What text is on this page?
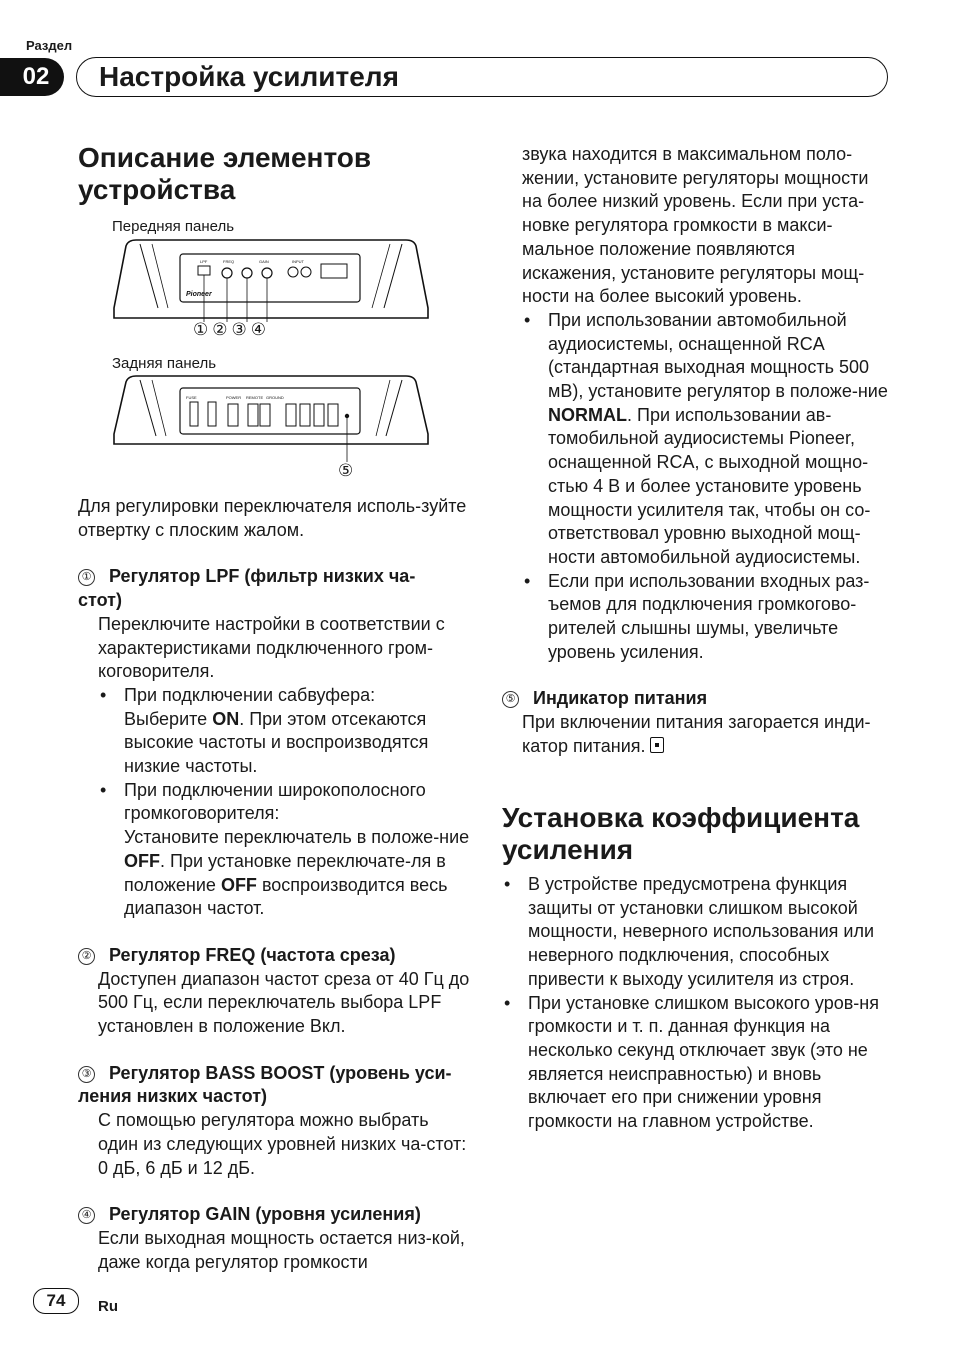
Раздел
02	Настройка усилителя
Описание элементов
устройства
Передняя панель
Pioneer
LPF	FREQ	GAIN	INPUT
①②③④
Задняя панель
FUSE	POWER REMOTE GROUND
⑤

Для регулировки переключателя исполь-зуйте отвертку с плоским жалом.

① Регулятор LPF (фильтр низких ча-
стот)

Переключите настройки в соответствии с характеристиками подключенного гром-коговорителя.

• При подключении сабвуфера:
Выберите ON. При этом отсекаются высокие частоты и воспроизводятся низкие частоты.
• При подключении широкополосного громкоговорителя:
Установите переключатель в положе-ние OFF. При установке переключате-ля в положение OFF воспроизводится весь диапазон частот.

② Регулятор FREQ (частота среза)

Доступен диапазон частот среза от 40 Гц до 500 Гц, если переключатель выбора LPF установлен в положение Вкл.

③ Регулятор BASS BOOST (уровень уси-
ления низких частот)

С помощью регулятора можно выбрать один из следующих уровней низких ча-стот: 0 дБ, 6 дБ и 12 дБ.

④ Регулятор GAIN (уровня усиления)

Если выходная мощность остается низ-кой, даже когда регулятор громкости

звука находится в максимальном поло-жении, установите регуляторы мощности на более низкий уровень. Если при уста-новке регулятора громкости в макси-мальное положение появляются искажения, установите регуляторы мощ-ности на более высокий уровень.

• При использовании автомобильной аудиосистемы, оснащенной RCA (стандартная выходная мощность 500 мВ), установите регулятор в положе-ние NORMAL. При использовании ав-томобильной аудиосистемы Pioneer, оснащенной RCA, с выходной мощно-стью 4 В и более установите уровень мощности усилителя так, чтобы он со-ответствовал уровню выходной мощ-ности автомобильной аудиосистемы.
• Если при использовании входных раз-ъемов для подключения громкогово-рителей слышны шумы, увеличьте уровень усиления.

⑤ Индикатор питания

При включении питания загорается инди-катор питания.

Установка коэффициента
усиления
• В устройстве предусмотрена функция защиты от установки слишком высокой мощности, неверного использования или неверного подключения, способных привести к выходу усилителя из строя.
• При установке слишком высокого уров-ня громкости и т. п. данная функция на несколько секунд отключает звук (это не является неисправностью) и вновь включает его при снижении уровня громкости на главном устройстве.
74	Ru
